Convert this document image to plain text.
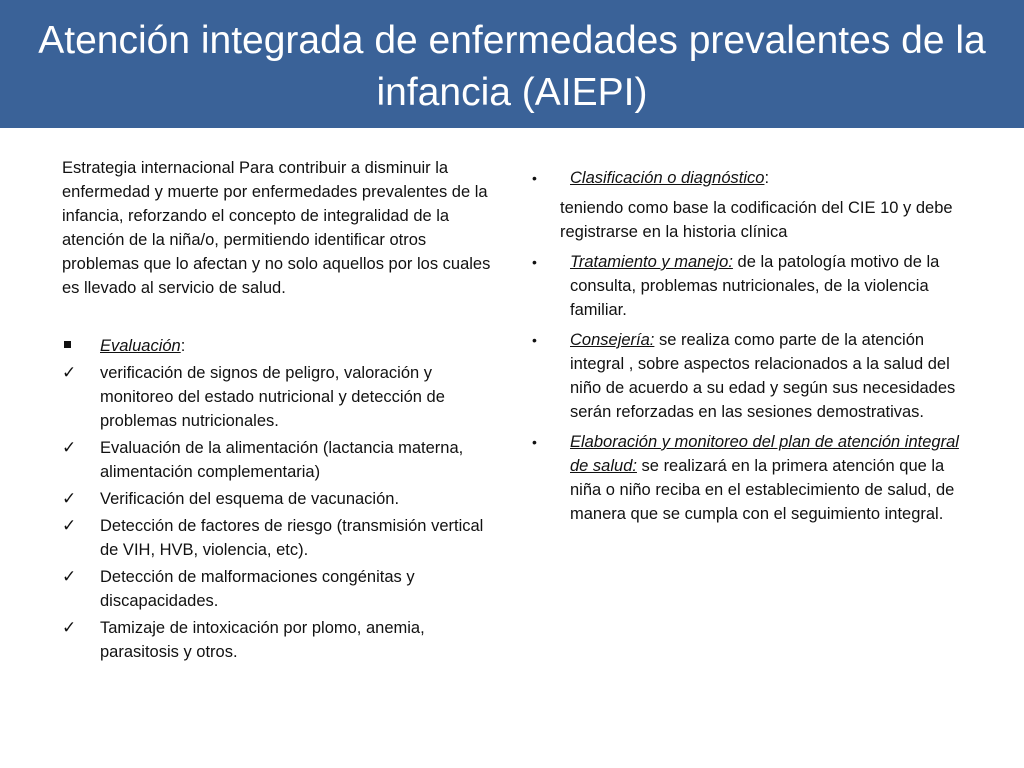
Atención integrada de enfermedades prevalentes de la infancia (AIEPI)

Estrategia internacional Para contribuir a disminuir la enfermedad y muerte por enfermedades prevalentes de la infancia, reforzando el concepto de integralidad de la atención de la niña/o, permitiendo identificar otros problemas que lo afectan y no solo aquellos por los cuales es llevado al servicio de salud.

Evaluación:
✓	verificación de signos de peligro, valoración y monitoreo del estado nutricional y detección de problemas nutricionales.
✓	Evaluación de la alimentación (lactancia materna, alimentación complementaria)
✓	Verificación del esquema de vacunación.
✓	Detección de factores de riesgo (transmisión vertical de VIH, HVB, violencia, etc).
✓	Detección de malformaciones congénitas y discapacidades.
✓	Tamizaje de intoxicación por plomo, anemia, parasitosis y otros.
•	Clasificación o diagnóstico:

teniendo como base la codificación del CIE 10 y debe registrarse en la historia clínica

•	Tratamiento y manejo: de la patología motivo de la consulta, problemas nutricionales, de la violencia familiar.
•	Consejería: se realiza como parte de la atención integral , sobre aspectos relacionados a la salud del niño de acuerdo a su edad y según sus necesidades serán reforzadas en las sesiones demostrativas.
•	Elaboración y monitoreo del plan de atención integral de salud: se realizará en la primera atención que la niña o niño reciba en el establecimiento de salud, de manera que se cumpla con el seguimiento integral.
